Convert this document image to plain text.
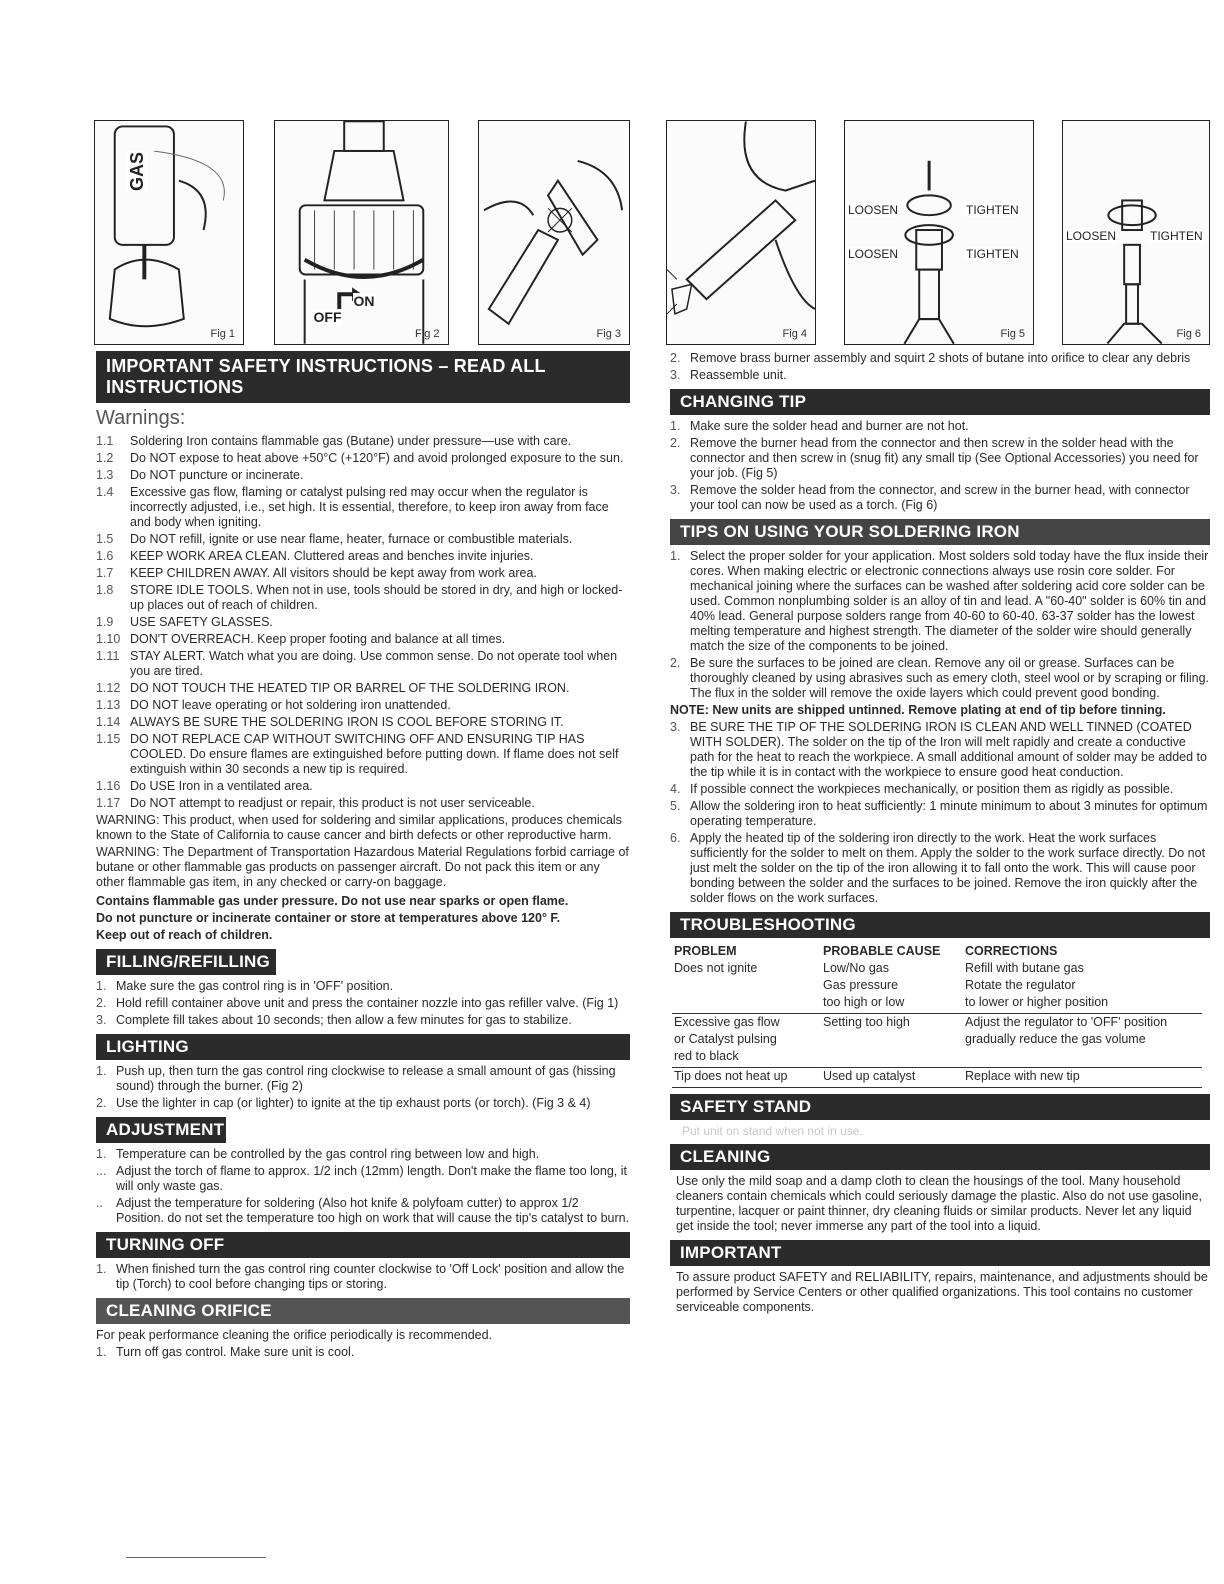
GAS
Fig 1
OFF
ON
Fig 2	Fig 3
IMPORTANT SAFETY INSTRUCTIONS – READ ALL INSTRUCTIONS
Warnings:
1.1	Soldering Iron contains flammable gas (Butane) under pressure—use with care.
1.2	Do NOT expose to heat above +50°C (+120°F) and avoid prolonged exposure to the sun.
1.3	Do NOT puncture or incinerate.
1.4	Excessive gas flow, flaming or catalyst pulsing red may occur when the regulator is incorrectly adjusted, i.e., set high. It is essential, therefore, to keep iron away from face and body when igniting.
1.5	Do NOT refill, ignite or use near flame, heater, furnace or combustible materials.
1.6	KEEP WORK AREA CLEAN. Cluttered areas and benches invite injuries.
1.7	KEEP CHILDREN AWAY. All visitors should be kept away from work area.
1.8	STORE IDLE TOOLS. When not in use, tools should be stored in dry, and high or locked-up places out of reach of children.
1.9	USE SAFETY GLASSES.
1.10 DON'T OVERREACH. Keep proper footing and balance at all times.
1.11 STAY ALERT. Watch what you are doing. Use common sense. Do not operate tool when you are tired.
1.12 DO NOT TOUCH THE HEATED TIP OR BARREL OF THE SOLDERING IRON.
1.13 DO NOT leave operating or hot soldering iron unattended.
1.14 ALWAYS BE SURE THE SOLDERING IRON IS COOL BEFORE STORING IT.
1.15 DO NOT REPLACE CAP WITHOUT SWITCHING OFF AND ENSURING TIP HAS COOLED. Do ensure flames are extinguished before putting down. If flame does not self extinguish within 30 seconds a new tip is required.
1.16 Do USE Iron in a ventilated area.
1.17 Do NOT attempt to readjust or repair, this product is not user serviceable.
WARNING: This product, when used for soldering and similar applications, produces chemicals known to the State of California to cause cancer and birth defects or other reproductive harm.
WARNING: The Department of Transportation Hazardous Material Regulations forbid carriage of butane or other flammable gas products on passenger aircraft. Do not pack this item or any other flammable gas item, in any checked or carry-on baggage.
Contains flammable gas under pressure. Do not use near sparks or open flame.
Do not puncture or incinerate container or store at temperatures above 120° F.
Keep out of reach of children.
FILLING/REFILLING
1. Make sure the gas control ring is in 'OFF' position.
2. Hold refill container above unit and press the container nozzle into gas refiller valve. (Fig 1)
3. Complete fill takes about 10 seconds; then allow a few minutes for gas to stabilize.
LIGHTING
1. Push up, then turn the gas control ring clockwise to release a small amount of gas (hissing sound) through the burner. (Fig 2)
2. Use the lighter in cap (or lighter) to ignite at the tip exhaust ports (or torch). (Fig 3 & 4)
ADJUSTMENT
1. Temperature can be controlled by the gas control ring between low and high.
... Adjust the torch of flame to approx. 1/2 inch (12mm) length. Don't make the flame too long, it will only waste gas.
..	Adjust the temperature for soldering (Also hot knife & polyfoam cutter) to approx 1/2 Position. do not set the temperature too high on work that will cause the tip's catalyst to burn.
TURNING OFF
1. When finished turn the gas control ring counter clockwise to 'Off Lock' position and allow the tip (Torch) to cool before changing tips or storing.
CLEANING ORIFICE
For peak performance cleaning the orifice periodically is recommended.
1. Turn off gas control. Make sure unit is cool.
Fig 4
LOOSEN	TIGHTEN
LOOSEN	TIGHTEN
Fig 5
LOOSEN	TIGHTEN
Fig 6
2. Remove brass burner assembly and squirt 2 shots of butane into orifice to clear any debris
3. Reassemble unit.
CHANGING TIP
1. Make sure the solder head and burner are not hot.
2. Remove the burner head from the connector and then screw in the solder head with the connector and then screw in (snug fit) any small tip (See Optional Accessories) you need for your job. (Fig 5)
3. Remove the solder head from the connector, and screw in the burner head, with connector your tool can now be used as a torch. (Fig 6)
TIPS ON USING YOUR SOLDERING IRON
1. Select the proper solder for your application. Most solders sold today have the flux inside their cores. When making electric or electronic connections always use rosin core solder. For mechanical joining where the surfaces can be washed after soldering acid core solder can be used. Common nonplumbing solder is an alloy of tin and lead. A "60-40" solder is 60% tin and 40% lead. General purpose solders range from 40-60 to 60-40. 63-37 solder has the lowest melting temperature and highest strength. The diameter of the solder wire should generally match the size of the components to be joined.
2. Be sure the surfaces to be joined are clean. Remove any oil or grease. Surfaces can be thoroughly cleaned by using abrasives such as emery cloth, steel wool or by scraping or filing. The flux in the solder will remove the oxide layers which could prevent good bonding.
NOTE: New units are shipped untinned. Remove plating at end of tip before tinning.
3. BE SURE THE TIP OF THE SOLDERING IRON IS CLEAN AND WELL TINNED (COATED WITH SOLDER). The solder on the tip of the Iron will melt rapidly and create a conductive path for the heat to reach the workpiece. A small additional amount of solder may be added to the tip while it is in contact with the workpiece to ensure good heat conduction.
4. If possible connect the workpieces mechanically, or position them as rigidly as possible.
5. Allow the soldering iron to heat sufficiently: 1 minute minimum to about 3 minutes for optimum operating temperature.
6. Apply the heated tip of the soldering iron directly to the work. Heat the work surfaces sufficiently for the solder to melt on them. Apply the solder to the work surface directly. Do not just melt the solder on the tip of the iron allowing it to fall onto the work. This will cause poor bonding between the solder and the surfaces to be joined. Remove the iron quickly after the solder flows on the work surfaces.
TROUBLESHOOTING
PROBLEM	PROBABLE CAUSE	CORRECTIONS
Does not ignite	Low/No gas	Refill with butane gas
	Gas pressure	Rotate the regulator
	too high or low	to lower or higher position
Excessive gas flow	Setting too high	Adjust the regulator to 'OFF' position
or Catalyst pulsing		gradually reduce the gas volume
red to black		
Tip does not heat up	Used up catalyst	Replace with new tip
SAFETY STAND
Put unit on stand when not in use.
CLEANING
Use only the mild soap and a damp cloth to clean the housings of the tool. Many household cleaners contain chemicals which could seriously damage the plastic. Also do not use gasoline, turpentine, lacquer or paint thinner, dry cleaning fluids or similar products. Never let any liquid get inside the tool; never immerse any part of the tool into a liquid.
IMPORTANT
To assure product SAFETY and RELIABILITY, repairs, maintenance, and adjustments should be performed by Service Centers or other qualified organizations. This tool contains no customer serviceable components.
